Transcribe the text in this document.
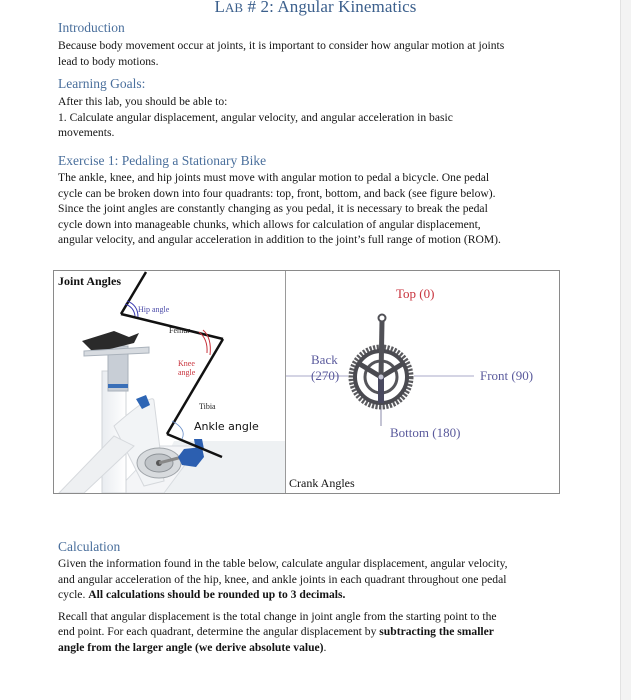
LAB # 2: Angular Kinematics
Introduction
Because body movement occur at joints, it is important to consider how angular motion at joints
lead to body motions.
Learning Goals:
After this lab, you should be able to:
1. Calculate angular displacement, angular velocity, and angular acceleration in basic
movements.
Exercise 1: Pedaling a Stationary Bike
The ankle, knee, and hip joints must move with angular motion to pedal a bicycle. One pedal
cycle can be broken down into four quadrants: top, front, bottom, and back (see figure below).
Since the joint angles are constantly changing as you pedal, it is necessary to break the pedal
cycle down into manageable chunks, which allows for calculation of angular displacement,
angular velocity, and angular acceleration in addition to the joint’s full range of motion (ROM).
Joint Angles
Hip angle
Femur
Knee
angle
Tibia
Ankle angle
Top (0)
Front (90)
Bottom (180)
Back
(270)
Crank Angles
Calculation
Given the information found in the table below, calculate angular displacement, angular velocity,
and angular acceleration of the hip, knee, and ankle joints in each quadrant throughout one pedal
cycle. All calculations should be rounded up to 3 decimals.
Recall that angular displacement is the total change in joint angle from the starting point to the
end point. For each quadrant, determine the angular displacement by subtracting the smaller
angle from the larger angle (we derive absolute value).
